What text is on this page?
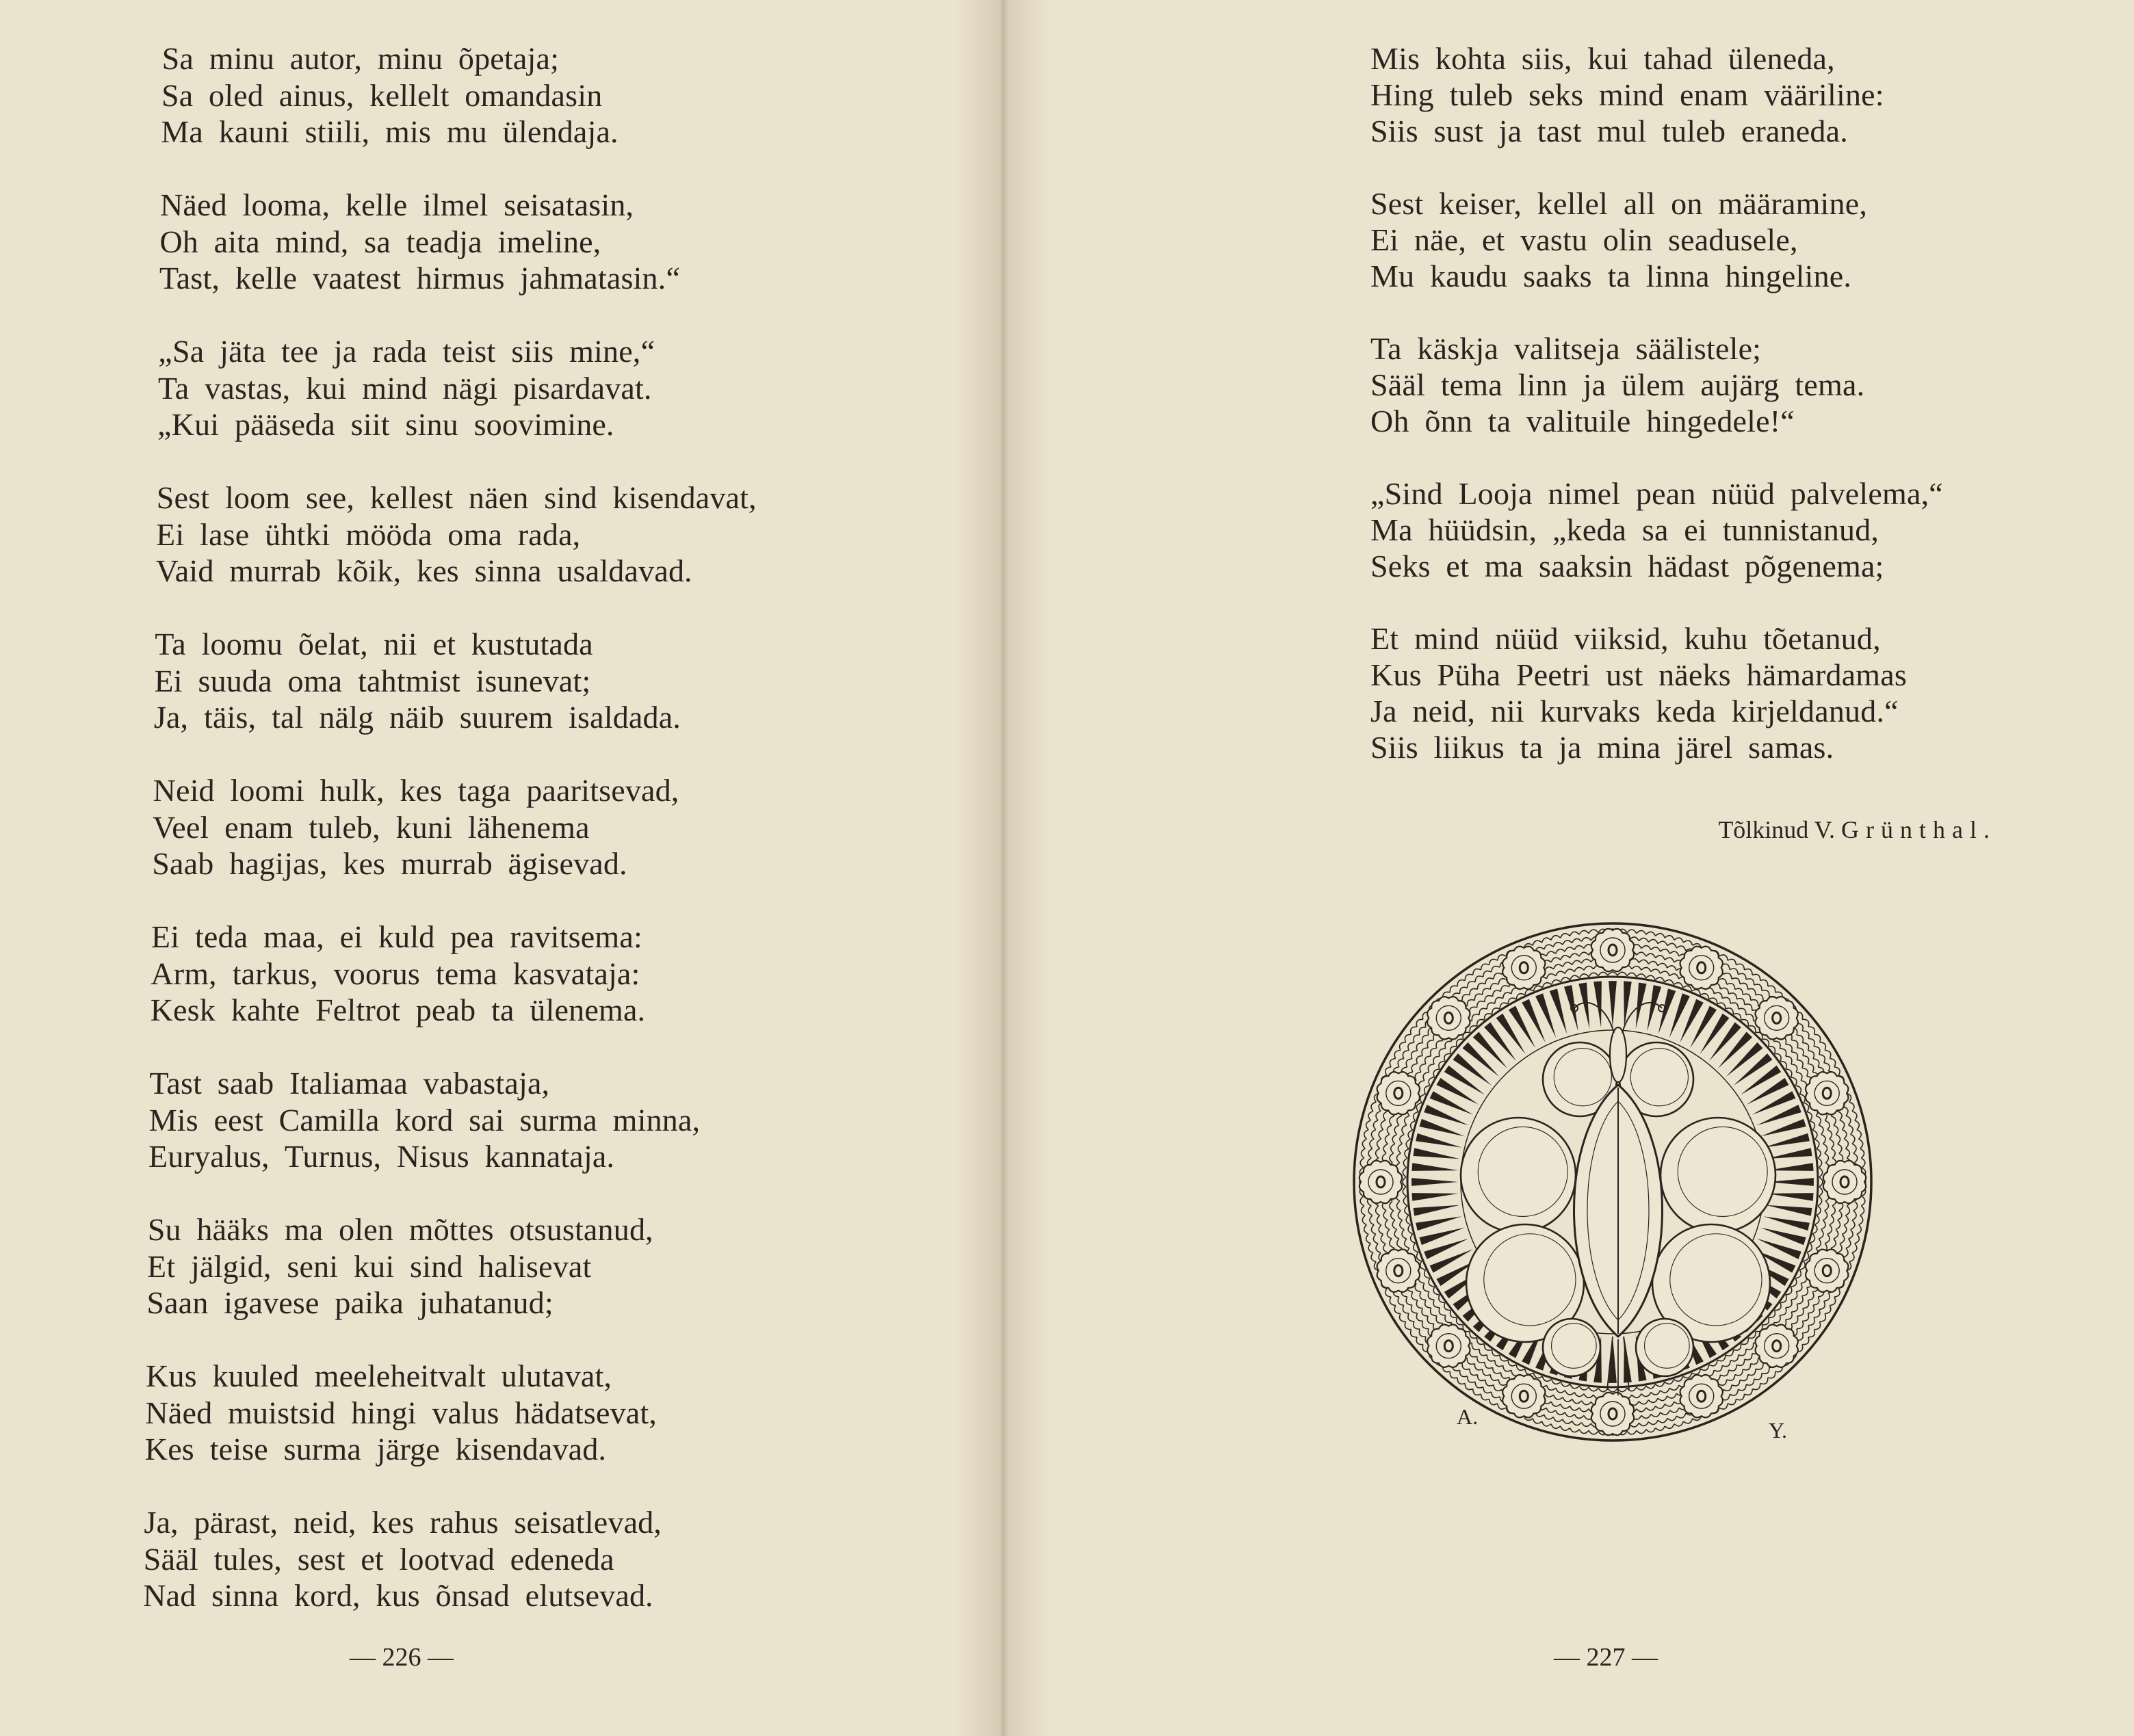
Sa minu autor, minu õpetaja;
Sa oled ainus, kellelt omandasin
Ma kauni stiili, mis mu ülendaja.
Näed looma, kelle ilmel seisatasin,
Oh aita mind, sa teadja imeline,
Tast, kelle vaatest hirmus jahmatasin.“
„Sa jäta tee ja rada teist siis mine,“
Ta vastas, kui mind nägi pisardavat.
„Kui pääseda siit sinu soovimine.
Sest loom see, kellest näen sind kisendavat,
Ei lase ühtki mööda oma rada,
Vaid murrab kõik, kes sinna usaldavad.
Ta loomu õelat, nii et kustutada
Ei suuda oma tahtmist isunevat;
Ja, täis, tal nälg näib suurem isaldada.
Neid loomi hulk, kes taga paaritsevad,
Veel enam tuleb, kuni lähenema
Saab hagijas, kes murrab ägisevad.
Ei teda maa, ei kuld pea ravitsema:
Arm, tarkus, voorus tema kasvataja:
Kesk kahte Feltrot peab ta ülenema.
Tast saab Italiamaa vabastaja,
Mis eest Camilla kord sai surma minna,
Euryalus, Turnus, Nisus kannataja.
Su hääks ma olen mõttes otsustanud,
Et jälgid, seni kui sind halisevat
Saan igavese paika juhatanud;
Kus kuuled meeleheitvalt ulutavat,
Näed muistsid hingi valus hädatsevat,
Kes teise surma järge kisendavad.
Ja, pärast, neid, kes rahus seisatlevad,
Sääl tules, sest et lootvad edeneda
Nad sinna kord, kus õnsad elutsevad.
— 226 —
Mis kohta siis, kui tahad üleneda,
Hing tuleb seks mind enam vääriline:
Siis sust ja tast mul tuleb eraneda.
Sest keiser, kellel all on määramine,
Ei näe, et vastu olin seadusele,
Mu kaudu saaks ta linna hingeline.
Ta käskja valitseja säälistele;
Sääl tema linn ja ülem aujärg tema.
Oh õnn ta valituile hingedele!“
„Sind Looja nimel pean nüüd palvelema,“
Ma hüüdsin, „keda sa ei tunnistanud,
Seks et ma saaksin hädast põgenema;
Et mind nüüd viiksid, kuhu tõetanud,
Kus Püha Peetri ust näeks hämardamas
Ja neid, nii kurvaks keda kirjeldanud.“
Siis liikus ta ja mina järel samas.
Tõlkinud V. Grünthal.
A.
Y.
— 227 —
